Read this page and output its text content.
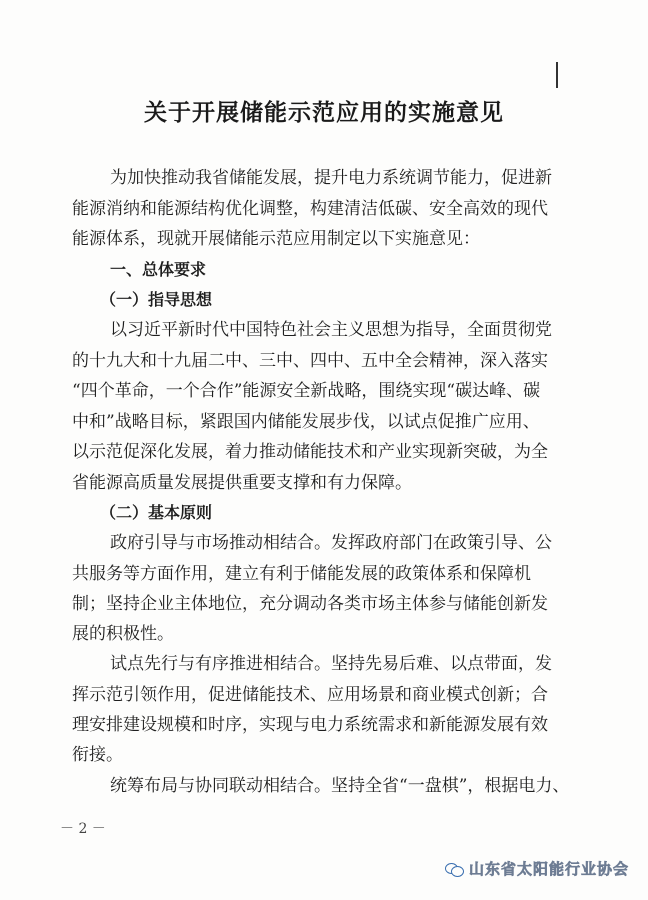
关于开展储能示范应用的实施意见
为加快推动我省储能发展，提升电力系统调节能力，促进新
能源消纳和能源结构优化调整，构建清洁低碳、安全高效的现代
能源体系，现就开展储能示范应用制定以下实施意见：
一、总体要求
（一）指导思想
以习近平新时代中国特色社会主义思想为指导，全面贯彻党
的十九大和十九届二中、三中、四中、五中全会精神，深入落实
“四个革命，一个合作”能源安全新战略，围绕实现“碳达峰、碳
中和”战略目标，紧跟国内储能发展步伐，以试点促推广应用、
以示范促深化发展，着力推动储能技术和产业实现新突破，为全
省能源高质量发展提供重要支撑和有力保障。
（二）基本原则
政府引导与市场推动相结合。发挥政府部门在政策引导、公
共服务等方面作用，建立有利于储能发展的政策体系和保障机
制；坚持企业主体地位，充分调动各类市场主体参与储能创新发
展的积极性。
试点先行与有序推进相结合。坚持先易后难、以点带面，发
挥示范引领作用，促进储能技术、应用场景和商业模式创新；合
理安排建设规模和时序，实现与电力系统需求和新能源发展有效
衔接。
统筹布局与协同联动相结合。坚持全省“一盘棋”，根据电力、
－ 2 －
山东省太阳能行业协会
